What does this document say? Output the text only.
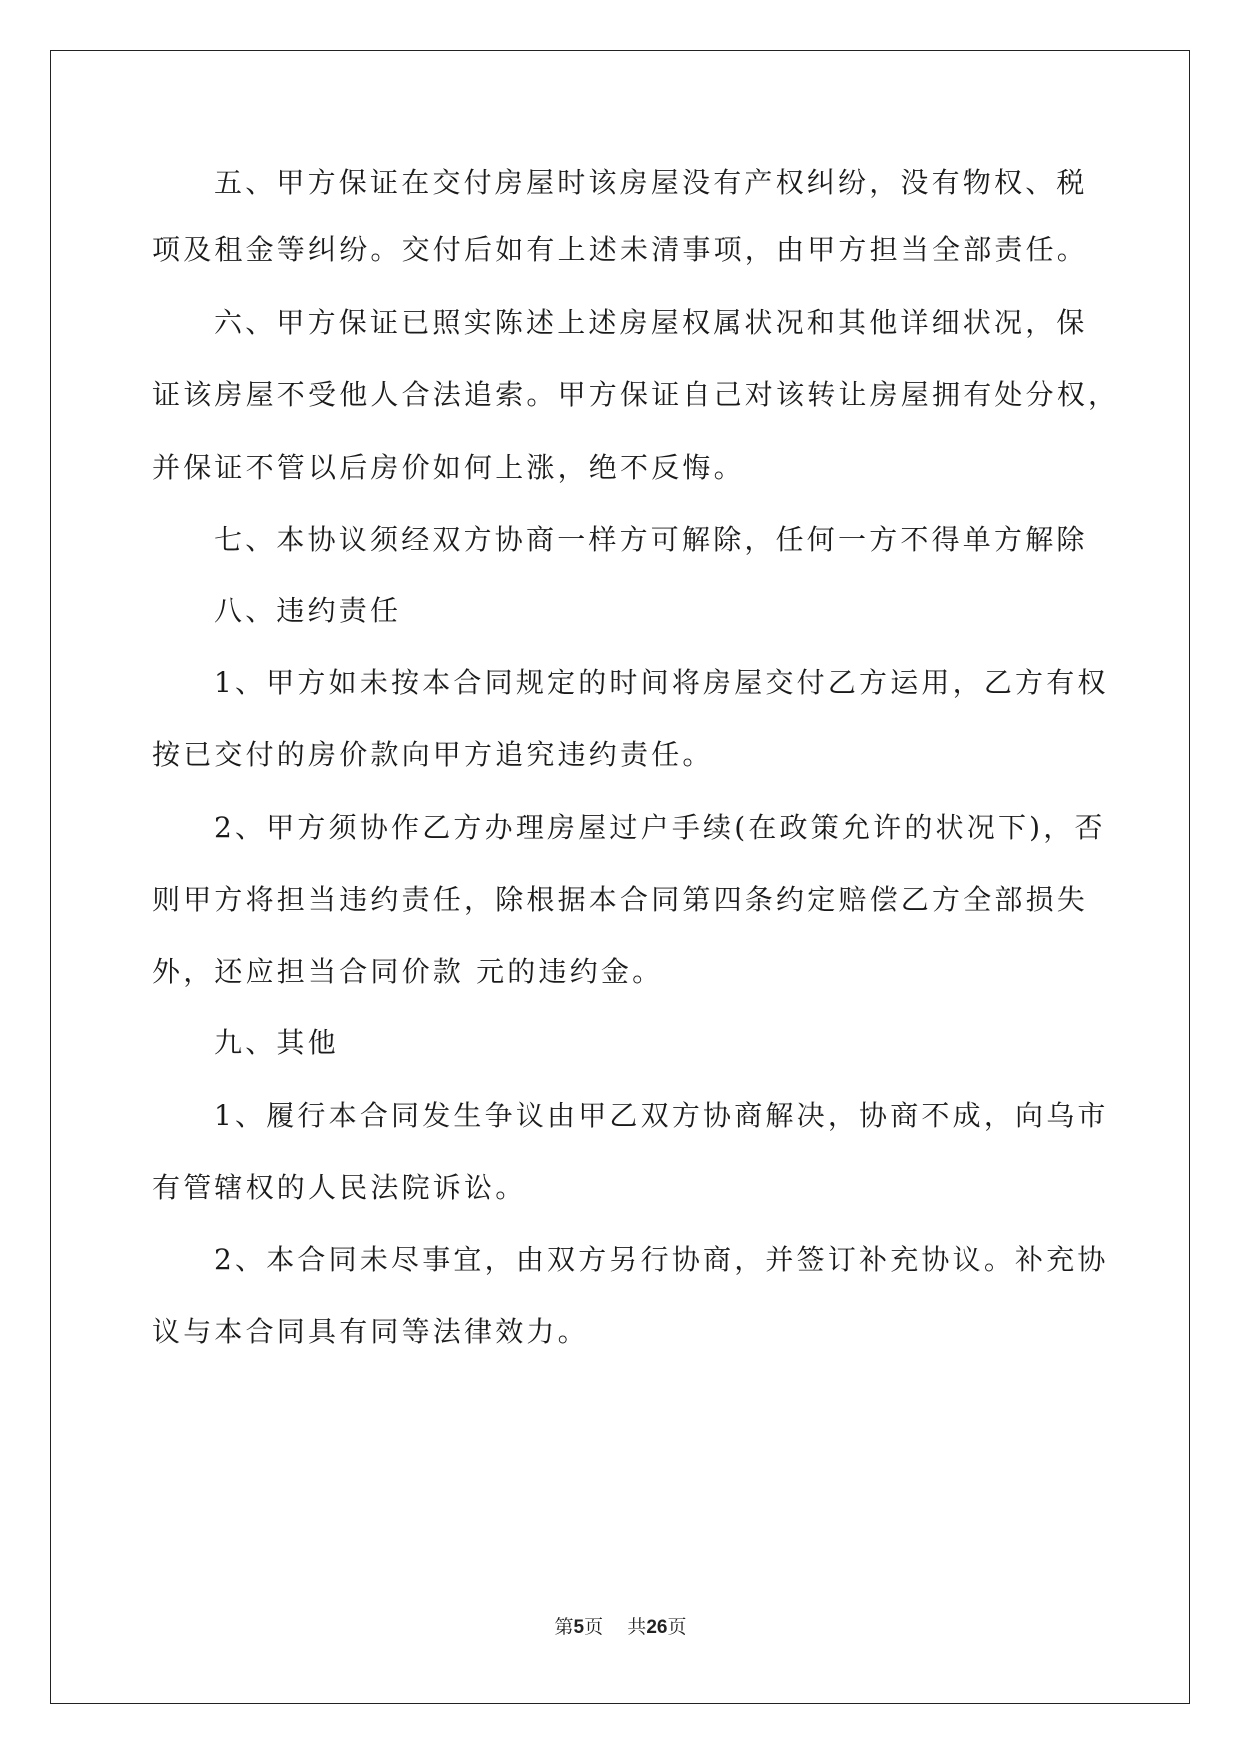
五、甲方保证在交付房屋时该房屋没有产权纠纷，没有物权、税
项及租金等纠纷。交付后如有上述未清事项，由甲方担当全部责任。
六、甲方保证已照实陈述上述房屋权属状况和其他详细状况，保
证该房屋不受他人合法追索。甲方保证自己对该转让房屋拥有处分权，
并保证不管以后房价如何上涨，绝不反悔。
七、本协议须经双方协商一样方可解除，任何一方不得单方解除
八、违约责任
1、甲方如未按本合同规定的时间将房屋交付乙方运用，乙方有权
按已交付的房价款向甲方追究违约责任。
2、甲方须协作乙方办理房屋过户手续(在政策允许的状况下)，否
则甲方将担当违约责任，除根据本合同第四条约定赔偿乙方全部损失
外，还应担当合同价款 元的违约金。
九、其他
1、履行本合同发生争议由甲乙双方协商解决，协商不成，向乌市
有管辖权的人民法院诉讼。
2、本合同未尽事宜，由双方另行协商，并签订补充协议。补充协
议与本合同具有同等法律效力。
第5页 共26页
